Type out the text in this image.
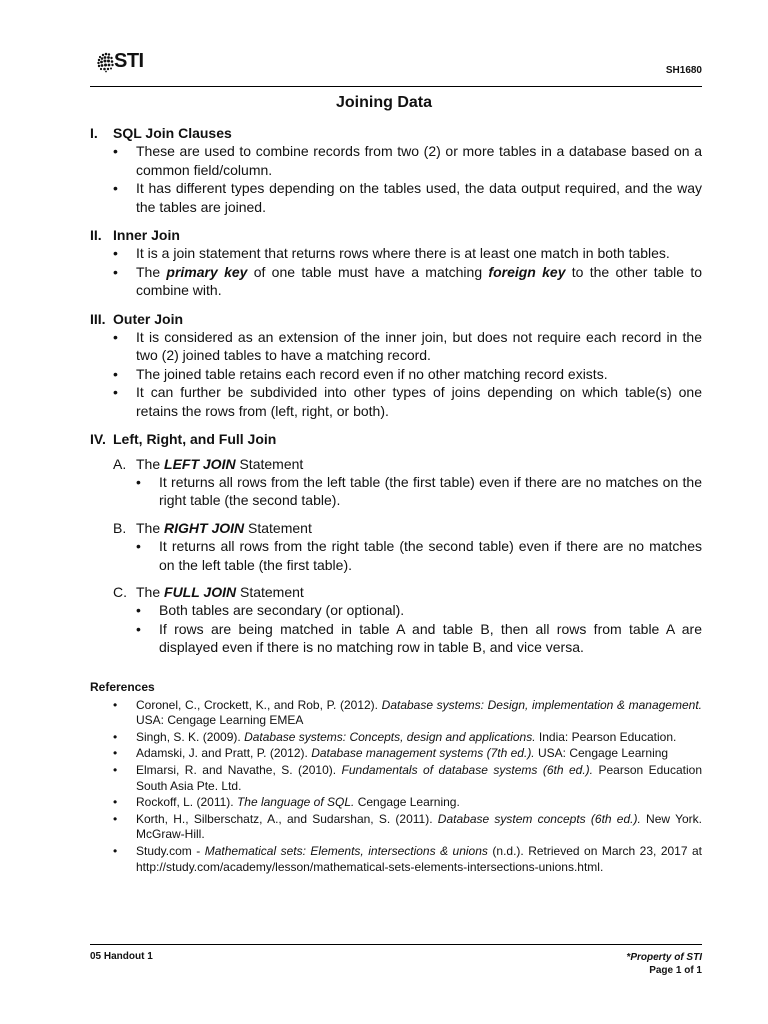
STI	SH1680
Joining Data
I.	SQL Join Clauses
• These are used to combine records from two (2) or more tables in a database based on a common field/column.
• It has different types depending on the tables used, the data output required, and the way the tables are joined.
II. Inner Join
• It is a join statement that returns rows where there is at least one match in both tables.
• The primary key of one table must have a matching foreign key to the other table to combine with.
III. Outer Join
• It is considered as an extension of the inner join, but does not require each record in the two (2) joined tables to have a matching record.
• The joined table retains each record even if no other matching record exists.
• It can further be subdivided into other types of joins depending on which table(s) one retains the rows from (left, right, or both).
IV. Left, Right, and Full Join
A. The LEFT JOIN Statement
• It returns all rows from the left table (the first table) even if there are no matches on the right table (the second table).
B. The RIGHT JOIN Statement
• It returns all rows from the right table (the second table) even if there are no matches on the left table (the first table).
C. The FULL JOIN Statement
• Both tables are secondary (or optional).
• If rows are being matched in table A and table B, then all rows from table A are displayed even if there is no matching row in table B, and vice versa.
References
• Coronel, C., Crockett, K., and Rob, P. (2012). Database systems: Design, implementation & management. USA: Cengage Learning EMEA
• Singh, S. K. (2009). Database systems: Concepts, design and applications. India: Pearson Education.
• Adamski, J. and Pratt, P. (2012). Database management systems (7th ed.). USA: Cengage Learning
• Elmarsi, R. and Navathe, S. (2010). Fundamentals of database systems (6th ed.). Pearson Education South Asia Pte. Ltd.
• Rockoff, L. (2011). The language of SQL. Cengage Learning.
• Korth, H., Silberschatz, A., and Sudarshan, S. (2011). Database system concepts (6th ed.). New York. McGraw-Hill.
• Study.com - Mathematical sets: Elements, intersections & unions (n.d.). Retrieved on March 23, 2017 at http://study.com/academy/lesson/mathematical-sets-elements-intersections-unions.html.
05 Handout 1	*Property of STI
Page 1 of 1
